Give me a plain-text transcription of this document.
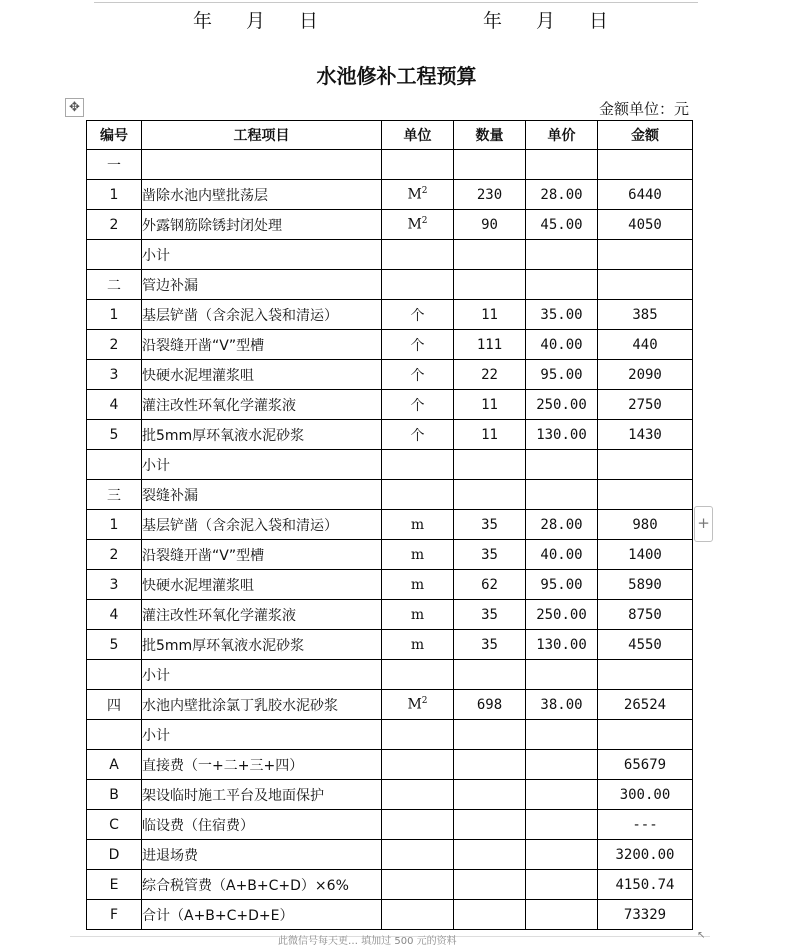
年 月 日	年 月 日
水池修补工程预算
✥	金额单位：元
编号	工程项目	单位	数量	单价	金额
一					
1	凿除水池内壁批荡层	$M^2$	230	28.00	6440
2	外露钢筋除锈封闭处理	$M^2$	90	45.00	4050
	小计				
二	管边补漏				
1	基层铲凿（含余泥入袋和清运）	个	11	35.00	385
2	沿裂缝开凿“V”型槽	个	111	40.00	440
3	快硬水泥埋灌浆咀	个	22	95.00	2090
4	灌注改性环氧化学灌浆液	个	11	250.00	2750
5	批5mm厚环氧液水泥砂浆	个	11	130.00	1430
	小计				
三	裂缝补漏				
1	基层铲凿（含余泥入袋和清运）	m	35	28.00	980
2	沿裂缝开凿“V”型槽	m	35	40.00	1400
3	快硬水泥埋灌浆咀	m	62	95.00	5890
4	灌注改性环氧化学灌浆液	m	35	250.00	8750
5	批5mm厚环氧液水泥砂浆	m	35	130.00	4550
	小计				
四	水池内壁批涂氯丁乳胶水泥砂浆	$M^2$	698	38.00	26524
	小计				
A	直接费（一+二+三+四）				65679
B	架设临时施工平台及地面保护				300.00
C	临设费（住宿费）				---
D	进退场费				3200.00
E	综合税管费（A+B+C+D）×6%				4150.74
F	合计（A+B+C+D+E）				73329
+
此微信号每天更… 填加过 500 元的资料
↖
